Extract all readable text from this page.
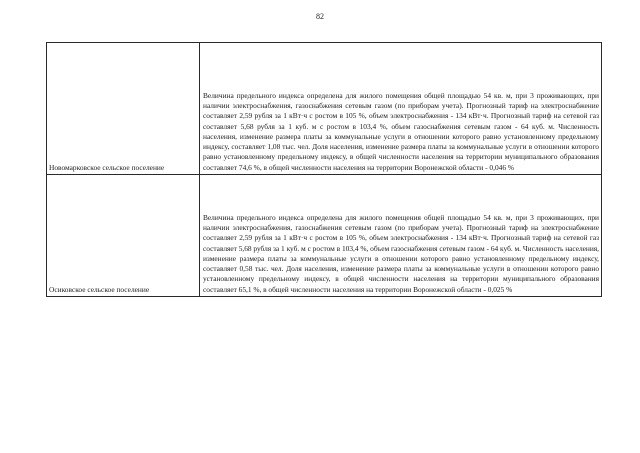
82
Новомарковское сельское поселение	Величина предельного индекса определена для жилого помещения общей площадью 54 кв. м, при 3 проживающих, при наличии электроснабжения, газоснабжения сетевым газом (по приборам учета). Прогнозный тариф на электроснабжение составляет 2,59 рубля за 1 кВт·ч с ростом в 105 %, объем электроснабжения - 134 кВт·ч. Прогнозный тариф на сетевой газ составляет 5,68 рубля за 1 куб. м с ростом в 103,4 %, объем газоснабжения сетевым газом - 64 куб. м. Численность населения, изменение размера платы за коммунальные услуги в отношении которого равно установленному предельному индексу, составляет 1,08 тыс. чел. Доля населения, изменение размера платы за коммунальные услуги в отношении которого равно установленному предельному индексу, в общей численности населения на территории муниципального образования составляет 74,6 %, в общей численности населения на территории Воронежской области - 0,046 %

Осиковское сельское поселение	Величина предельного индекса определена для жилого помещения общей площадью 54 кв. м, при 3 проживающих, при наличии электроснабжения, газоснабжения сетевым газом (по приборам учета). Прогнозный тариф на электроснабжение составляет 2,59 рубля за 1 кВт·ч с ростом в 105 %, объем электроснабжения - 134 кВт·ч. Прогнозный тариф на сетевой газ составляет 5,68 рубля за 1 куб. м с ростом в 103,4 %, объем газоснабжения сетевым газом - 64 куб. м. Численность населения, изменение размера платы за коммунальные услуги в отношении которого равно установленному предельному индексу, составляет 0,58 тыс. чел. Доля населения, изменение размера платы за коммунальные услуги в отношении которого равно установленному предельному индексу, в общей численности населения на территории муниципального образования составляет 65,1 %, в общей численности населения на территории Воронежской области - 0,025 %
